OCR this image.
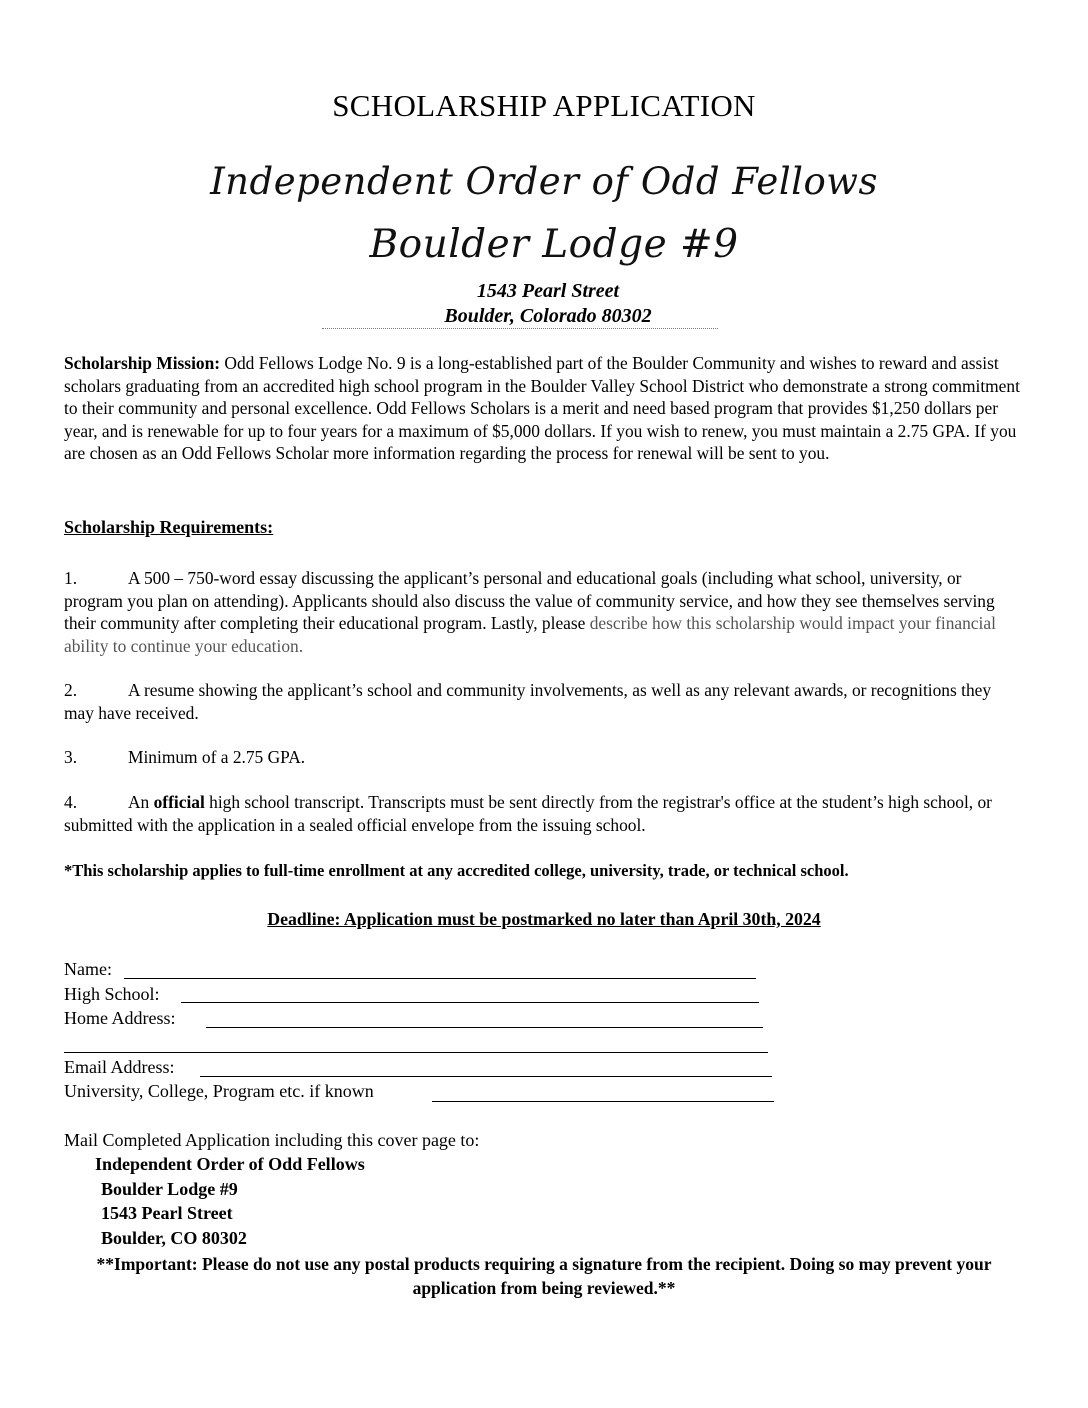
SCHOLARSHIP APPLICATION
Independent Order of Odd Fellows
Boulder Lodge #9
1543 Pearl Street
Boulder, Colorado 80302
Scholarship Mission: Odd Fellows Lodge No. 9 is a long-established part of the Boulder Community and wishes to reward and assist scholars graduating from an accredited high school program in the Boulder Valley School District who demonstrate a strong commitment to their community and personal excellence. Odd Fellows Scholars is a merit and need based program that provides $1,250 dollars per year, and is renewable for up to four years for a maximum of $5,000 dollars. If you wish to renew, you must maintain a 2.75 GPA. If you are chosen as an Odd Fellows Scholar more information regarding the process for renewal will be sent to you.
Scholarship Requirements:
1.	A 500 – 750-word essay discussing the applicant’s personal and educational goals (including what school, university, or program you plan on attending). Applicants should also discuss the value of community service, and how they see themselves serving their community after completing their educational program. Lastly, please describe how this scholarship would impact your financial ability to continue your education.
2.	A resume showing the applicant’s school and community involvements, as well as any relevant awards, or recognitions they may have received.
3.	Minimum of a 2.75 GPA.
4.	An official high school transcript. Transcripts must be sent directly from the registrar's office at the student’s high school, or submitted with the application in a sealed official envelope from the issuing school.
*This scholarship applies to full-time enrollment at any accredited college, university, trade, or technical school.
Deadline: Application must be postmarked no later than April 30th, 2024
Name:
High School:
Home Address:
Email Address:
University, College, Program etc. if known
Mail Completed Application including this cover page to:
Independent Order of Odd Fellows
Boulder Lodge #9
1543 Pearl Street
Boulder, CO 80302
**Important: Please do not use any postal products requiring a signature from the recipient. Doing so may prevent your application from being reviewed.**
